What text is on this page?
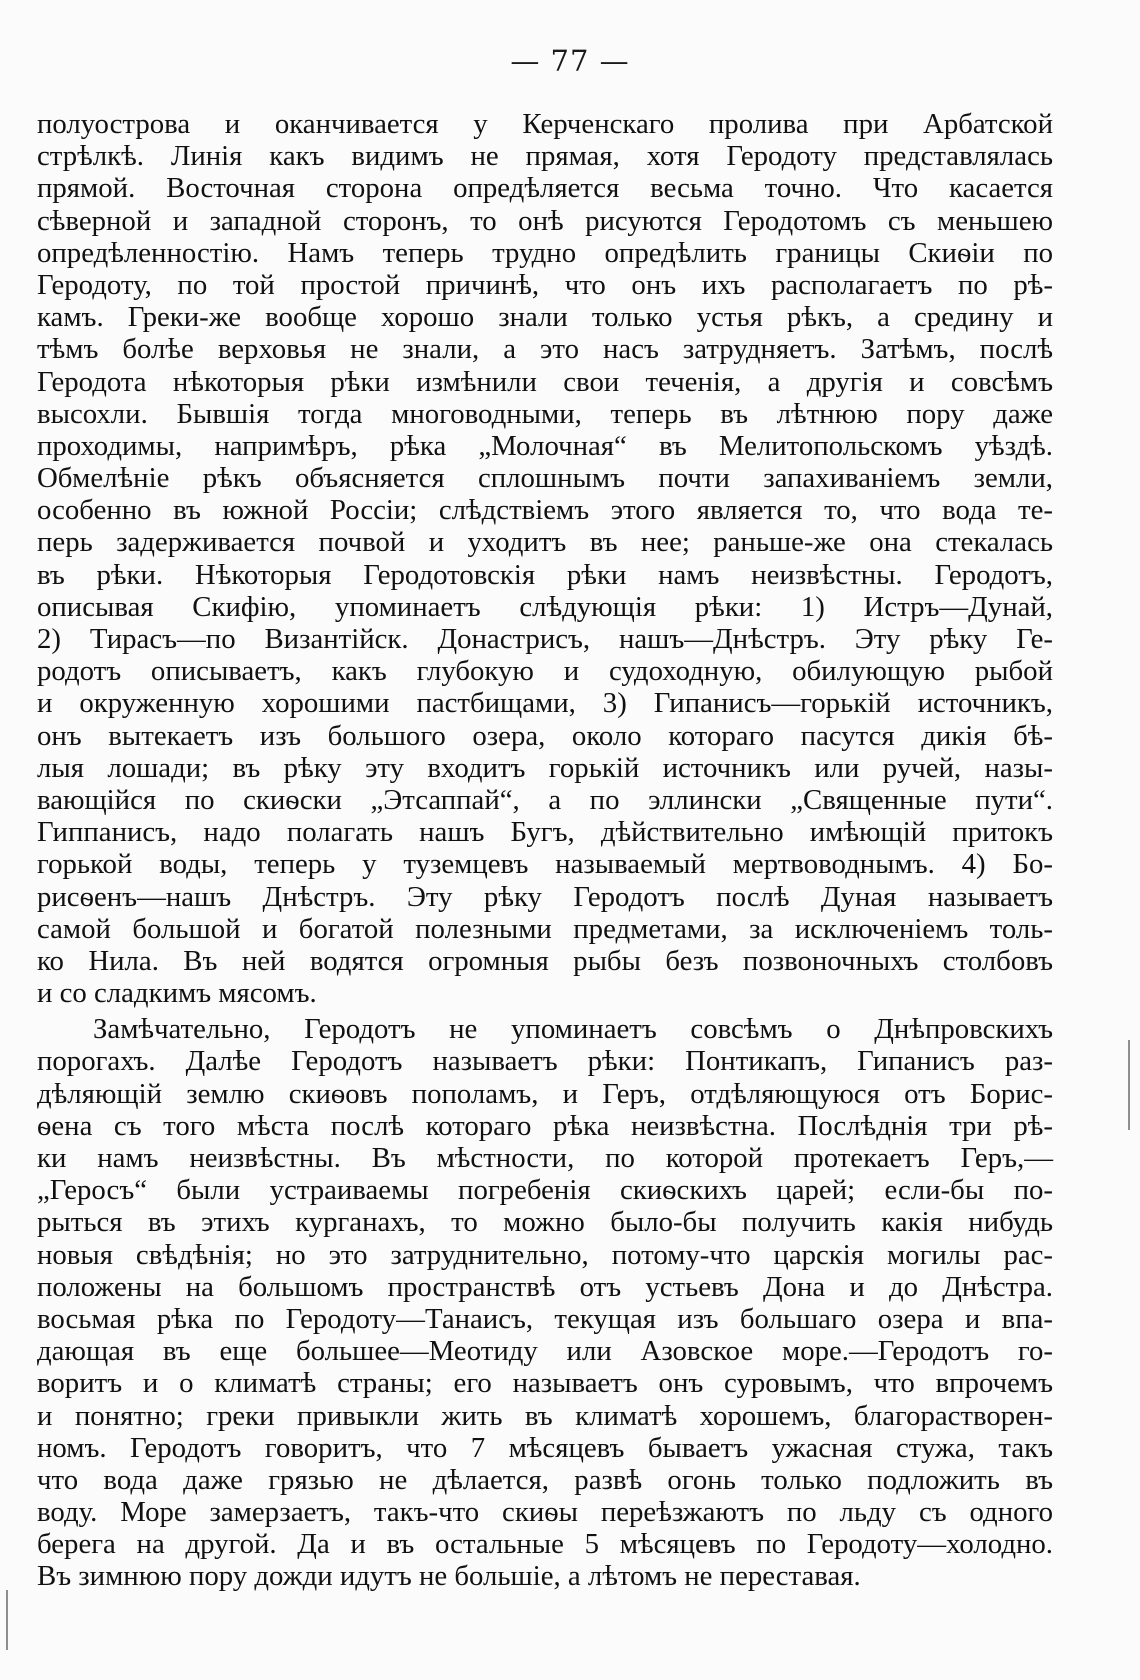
— 77 —
полуострова и оканчивается у Керченскаго пролива при Арбатской
стрѣлкѣ. Линія какъ видимъ не прямая, хотя Геродоту представлялась
прямой. Восточная сторона опредѣляется весьма точно. Что касается
сѣверной и западной сторонъ, то онѣ рисуются Геродотомъ съ меньшею
опредѣленностію. Намъ теперь трудно опредѣлить границы Скиѳіи по
Геродоту, по той простой причинѣ, что онъ ихъ располагаетъ по рѣ-
камъ. Греки-же вообще хорошо знали только устья рѣкъ, а средину и
тѣмъ болѣе верховья не знали, а это насъ затрудняетъ. Затѣмъ, послѣ
Геродота нѣкоторыя рѣки измѣнили свои теченія, а другія и совсѣмъ
высохли. Бывшія тогда многоводными, теперь въ лѣтнюю пору даже
проходимы, напримѣръ, рѣка „Молочная“ въ Мелитопольскомъ уѣздѣ.
Обмелѣніе рѣкъ объясняется сплошнымъ почти запахиваніемъ земли,
особенно въ южной Россіи; слѣдствіемъ этого является то, что вода те-
перь задерживается почвой и уходитъ въ нее; раньше-же она стекалась
въ рѣки. Нѣкоторыя Геродотовскія рѣки намъ неизвѣстны. Геродотъ,
описывая Скифію, упоминаетъ слѣдующія рѣки: 1) Истръ—Дунай,
2) Тирасъ—по Византійск. Донастрисъ, нашъ—Днѣстръ. Эту рѣку Ге-
родотъ описываетъ, какъ глубокую и судоходную, обилующую рыбой
и окруженную хорошими пастбищами, 3) Гипанисъ—горькій источникъ,
онъ вытекаетъ изъ большого озера, около котораго пасутся дикія бѣ-
лыя лошади; въ рѣку эту входитъ горькій источникъ или ручей, назы-
вающійся по скиѳски „Этсаппай“, а по эллински „Священные пути“.
Гиппанисъ, надо полагать нашъ Бугъ, дѣйствительно имѣющій притокъ
горькой воды, теперь у туземцевъ называемый мертвоводнымъ. 4) Бо-
рисѳенъ—нашъ Днѣстръ. Эту рѣку Геродотъ послѣ Дуная называетъ
самой большой и богатой полезными предметами, за исключеніемъ толь-
ко Нила. Въ ней водятся огромныя рыбы безъ позвоночныхъ столбовъ
и со сладкимъ мясомъ.
Замѣчательно, Геродотъ не упоминаетъ совсѣмъ о Днѣпровскихъ
порогахъ. Далѣе Геродотъ называетъ рѣки: Понтикапъ, Гипанисъ раз-
дѣляющій землю скиѳовъ пополамъ, и Геръ, отдѣляющуюся отъ Борис-
ѳена съ того мѣста послѣ котораго рѣка неизвѣстна. Послѣднія три рѣ-
ки намъ неизвѣстны. Въ мѣстности, по которой протекаетъ Геръ,—
„Геросъ“ были устраиваемы погребенія скиѳскихъ царей; если-бы по-
рыться въ этихъ курганахъ, то можно было-бы получить какія нибудь
новыя свѣдѣнія; но это затруднительно, потому-что царскія могилы рас-
положены на большомъ пространствѣ отъ устьевъ Дона и до Днѣстра.
восьмая рѣка по Геродоту—Танаисъ, текущая изъ большаго озера и впа-
дающая въ еще большее—Меотиду или Азовское море.—Геродотъ го-
воритъ и о климатѣ страны; его называетъ онъ суровымъ, что впрочемъ
и понятно; греки привыкли жить въ климатѣ хорошемъ, благорастворен-
номъ. Геродотъ говоритъ, что 7 мѣсяцевъ бываетъ ужасная стужа, такъ
что вода даже грязью не дѣлается, развѣ огонь только подложить въ
воду. Море замерзаетъ, такъ-что скиѳы переѣзжаютъ по льду съ одного
берега на другой. Да и въ остальные 5 мѣсяцевъ по Геродоту—холодно.
Въ зимнюю пору дожди идутъ не большіе, а лѣтомъ не переставая.
